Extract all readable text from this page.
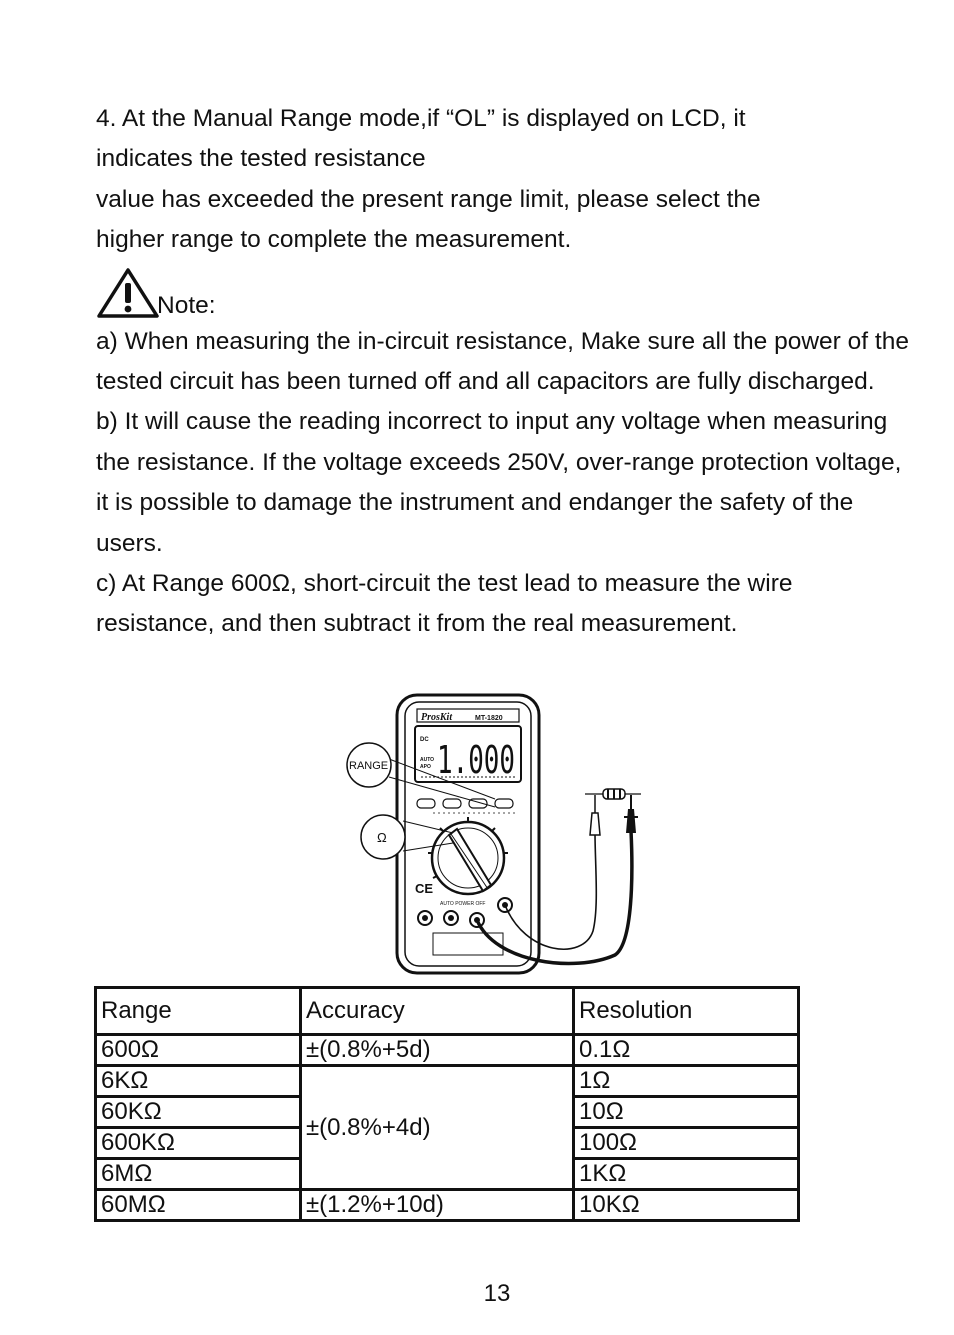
4. At the Manual Range mode,if “OL” is displayed on LCD, it

indicates the tested resistance

value has exceeded the present range limit, please select the

higher range to complete the measurement.

Note:

a) When measuring the in-circuit resistance, Make sure all the power of the tested circuit has been turned off and all capacitors are fully discharged.

b) It will cause the reading incorrect to input any voltage when measuring the resistance. If the voltage exceeds 250V, over-range protection voltage, it is possible to damage the instrument and endanger the safety of the users.

c) At Range 600Ω, short-circuit the test lead to measure the wire resistance, and then subtract it from the real measurement.

ProsKit	MT-1820
DC
AUTO
APO 1.000
CE
AUTO POWER OFF
RANGE
Ω
Range	Accuracy	Resolution
600Ω	±(0.8%+5d)	0.1Ω
6KΩ	±(0.8%+4d)	1Ω
60KΩ		10Ω
600KΩ		100Ω
6MΩ		1KΩ
60MΩ	±(1.2%+10d)	10KΩ
13
